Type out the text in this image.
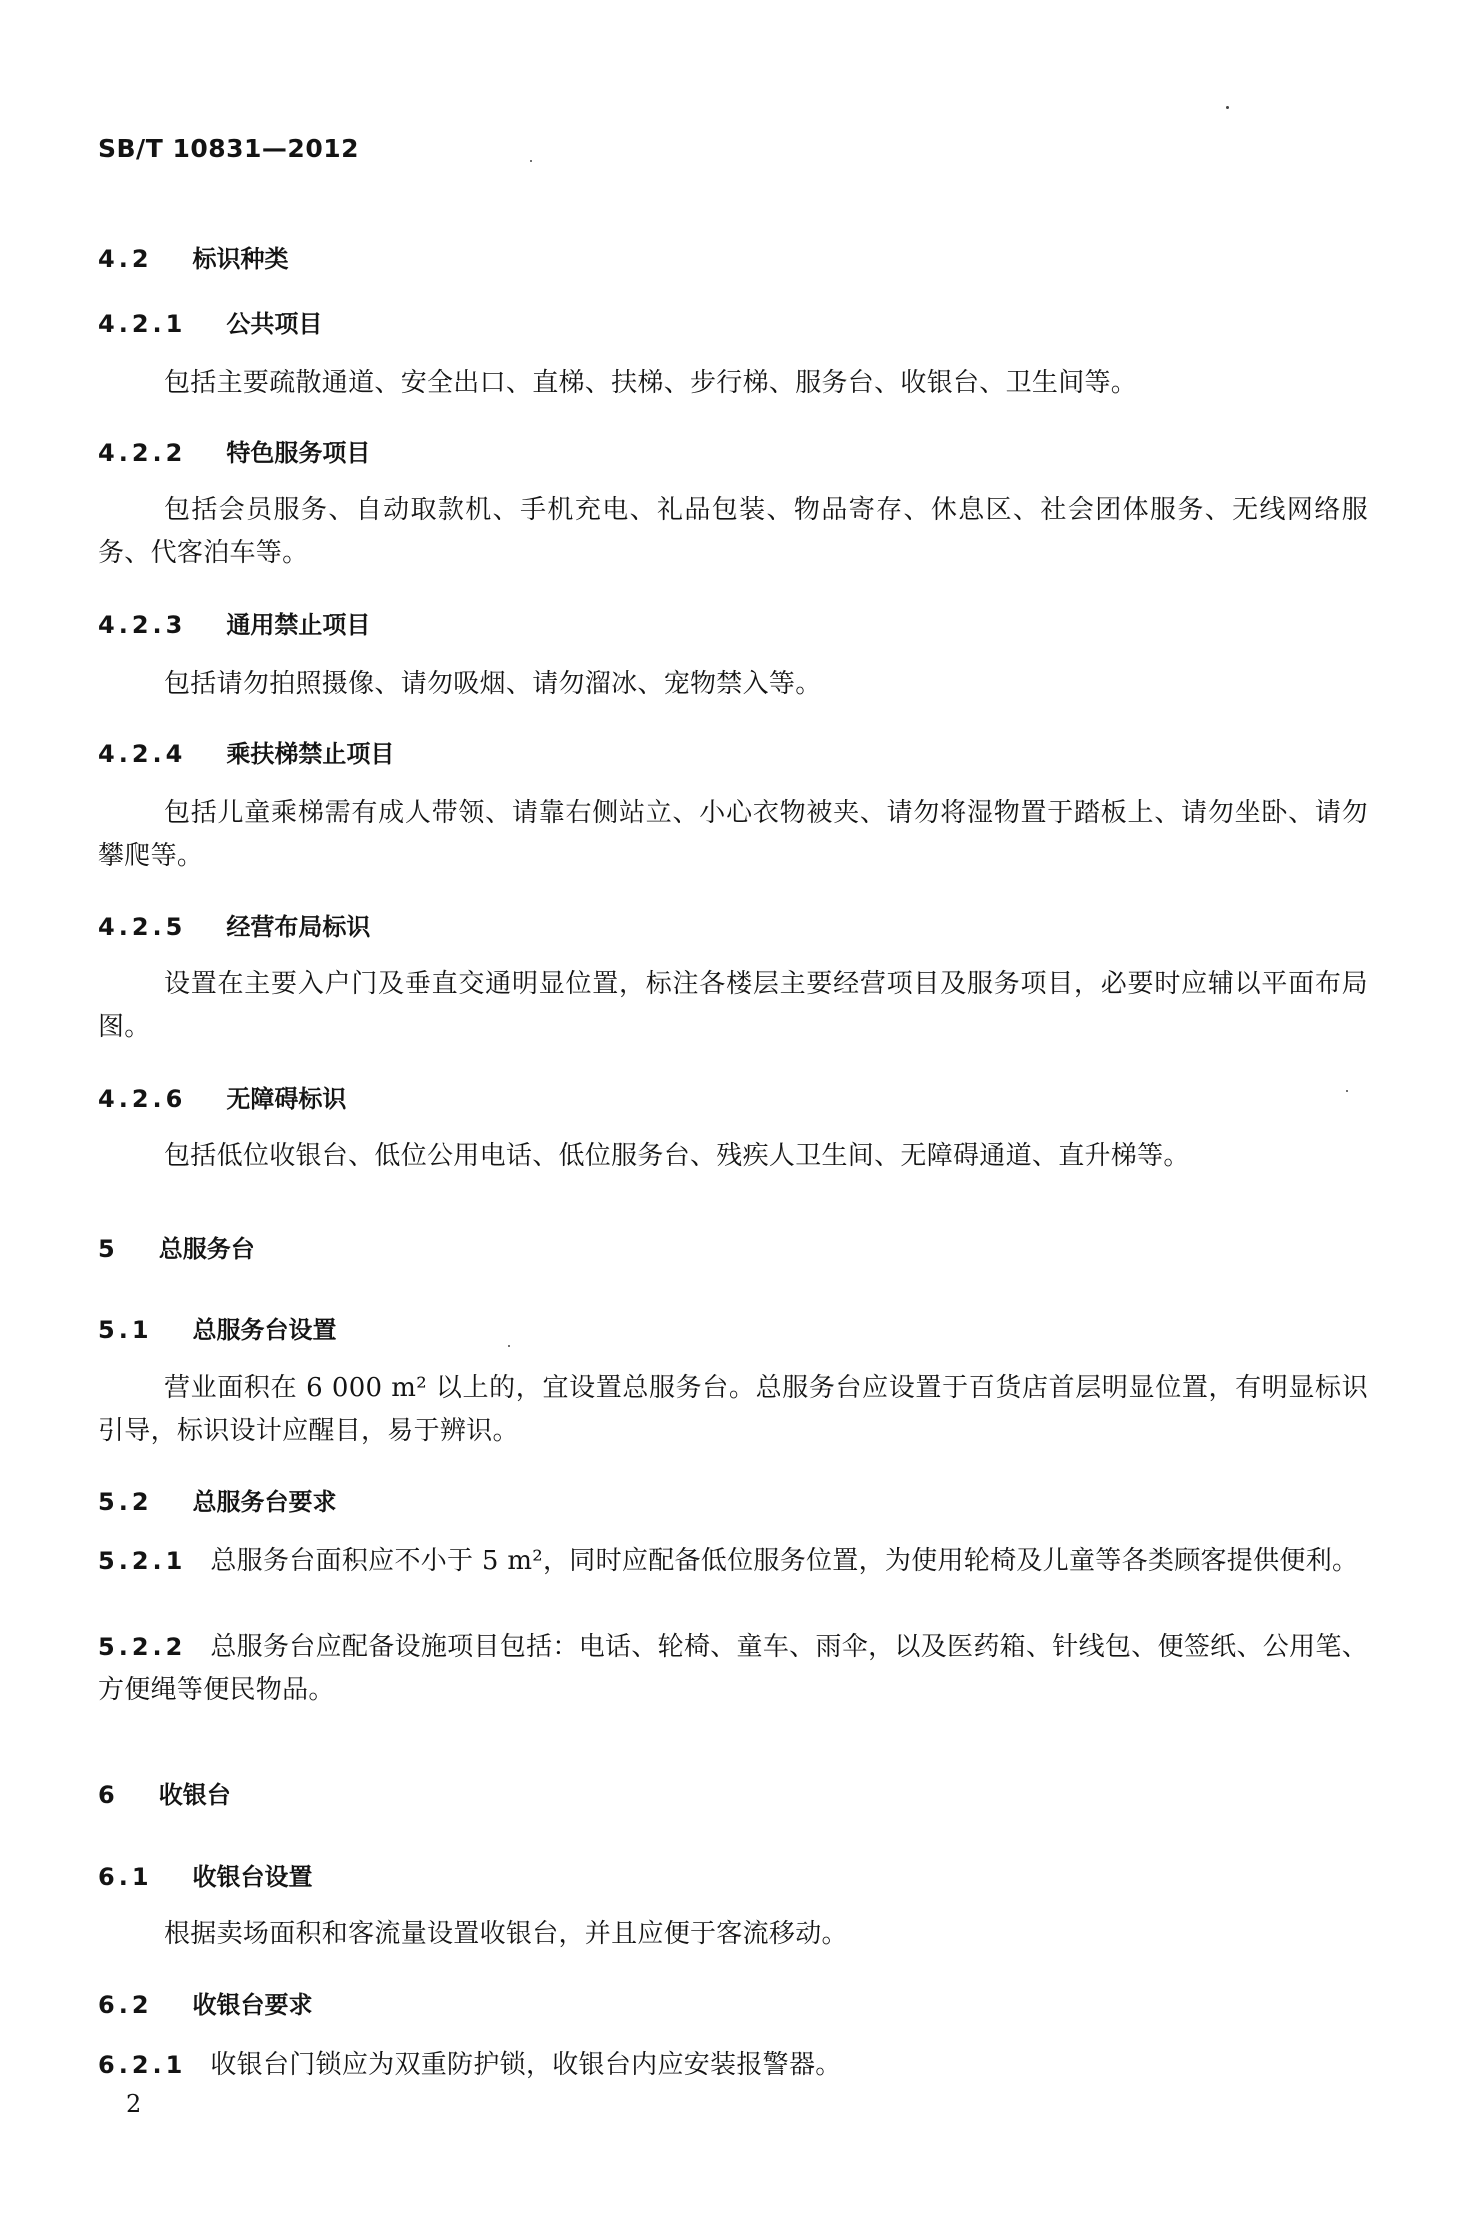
SB/T 10831—2012
4.2 标识种类
4.2.1 公共项目
包括主要疏散通道、安全出口、直梯、扶梯、步行梯、服务台、收银台、卫生间等。
4.2.2 特色服务项目
包括会员服务、自动取款机、手机充电、礼品包装、物品寄存、休息区、社会团体服务、无线网络服务、代客泊车等。
4.2.3 通用禁止项目
包括请勿拍照摄像、请勿吸烟、请勿溜冰、宠物禁入等。
4.2.4 乘扶梯禁止项目
包括儿童乘梯需有成人带领、请靠右侧站立、小心衣物被夹、请勿将湿物置于踏板上、请勿坐卧、请勿攀爬等。
4.2.5 经营布局标识
设置在主要入户门及垂直交通明显位置，标注各楼层主要经营项目及服务项目，必要时应辅以平面布局图。
4.2.6 无障碍标识
包括低位收银台、低位公用电话、低位服务台、残疾人卫生间、无障碍通道、直升梯等。
5 总服务台
5.1 总服务台设置
营业面积在 6 000 m² 以上的，宜设置总服务台。总服务台应设置于百货店首层明显位置，有明显标识引导，标识设计应醒目，易于辨识。
5.2 总服务台要求
5.2.1 总服务台面积应不小于 5 m²，同时应配备低位服务位置，为使用轮椅及儿童等各类顾客提供便利。
5.2.2 总服务台应配备设施项目包括：电话、轮椅、童车、雨伞，以及医药箱、针线包、便签纸、公用笔、方便绳等便民物品。
6 收银台
6.1 收银台设置
根据卖场面积和客流量设置收银台，并且应便于客流移动。
6.2 收银台要求
6.2.1 收银台门锁应为双重防护锁，收银台内应安装报警器。
2
